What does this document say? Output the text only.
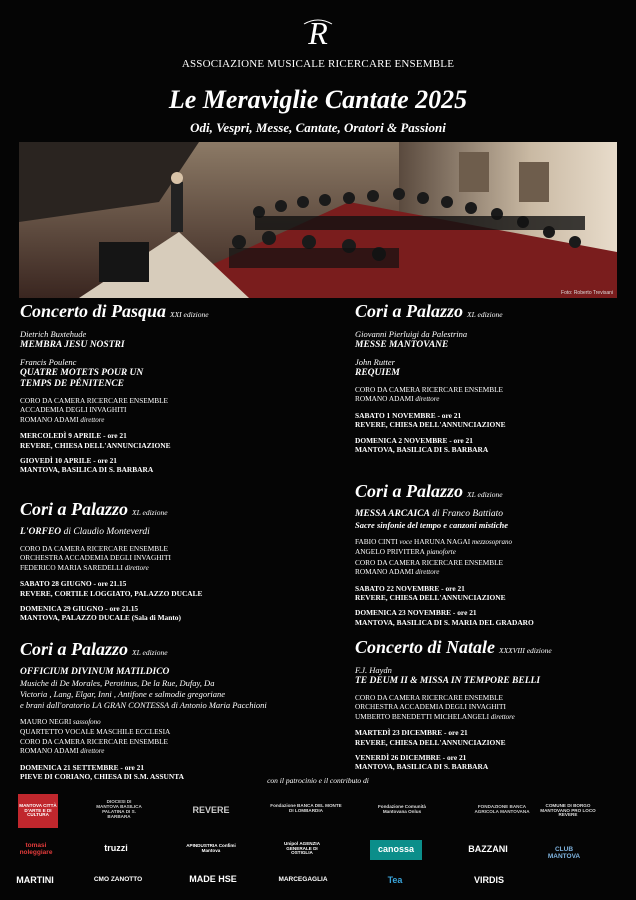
R
ASSOCIAZIONE MUSICALE RICERCARE ENSEMBLE
Le Meraviglie Cantate 2025
Odi, Vespri, Messe, Cantate, Oratori & Passioni
Foto: Roberto Trevisani
Concerto di Pasqua XXI edizione
Dietrich Buxtehude
MEMBRA JESU NOSTRI
Francis Poulenc
QUATRE MOTETS POUR UN
TEMPS DE PÉNITENCE
CORO DA CAMERA RICERCARE ENSEMBLE
ACCADEMIA DEGLI INVAGHITI
ROMANO ADAMI direttore
MERCOLEDÌ 9 APRILE - ore 21
REVERE, CHIESA DELL'ANNUNCIAZIONE
GIOVEDÌ 10 APRILE - ore 21
MANTOVA, BASILICA DI S. BARBARA
Cori a Palazzo XL edizione
L'ORFEO di Claudio Monteverdi
CORO DA CAMERA RICERCARE ENSEMBLE
ORCHESTRA ACCADEMIA DEGLI INVAGHITI
FEDERICO MARIA SAREDELLI direttore
SABATO 28 GIUGNO - ore 21.15
REVERE, CORTILE LOGGIATO, PALAZZO DUCALE
DOMENICA 29 GIUGNO - ore 21.15
MANTOVA, PALAZZO DUCALE (Sala di Manto)
Cori a Palazzo XL edizione
OFFICIUM DIVINUM MATILDICO
Musiche di De Morales, Perotinus, De la Rue, Dufay, Da
Victoria , Lang, Elgar, Inni , Antifone e salmodie gregoriane
e brani dall'oratorio LA GRAN CONTESSA di Antonio Maria Pacchioni
MAURO NEGRI sassofono
QUARTETTO VOCALE MASCHILE ECCLESIA
CORO DA CAMERA RICERCARE ENSEMBLE
ROMANO ADAMI direttore
DOMENICA 21 SETTEMBRE - ore 21
PIEVE DI CORIANO, CHIESA DI S.M. ASSUNTA
Cori a Palazzo XL edizione
Giovanni Pierluigi da Palestrina
MESSE MANTOVANE
John Rutter
REQUIEM
CORO DA CAMERA RICERCARE ENSEMBLE
ROMANO ADAMI direttore
SABATO 1 NOVEMBRE - ore 21
REVERE, CHIESA DELL'ANNUNCIAZIONE
DOMENICA 2 NOVEMBRE - ore 21
MANTOVA, BASILICA DI S. BARBARA
Cori a Palazzo XL edizione
MESSA ARCAICA di Franco Battiato
Sacre sinfonie del tempo e canzoni mistiche
FABIO CINTI voce HARUNA NAGAI mezzosoprano
ANGELO PRIVITERA pianoforte
CORO DA CAMERA RICERCARE ENSEMBLE
ROMANO ADAMI direttore
SABATO 22 NOVEMBRE - ore 21
REVERE, CHIESA DELL'ANNUNCIAZIONE
DOMENICA 23 NOVEMBRE - ore 21
MANTOVA, BASILICA DI S. MARIA DEL GRADARO
Concerto di Natale XXXVIII edizione
F.J. Haydn
TE DEUM II & MISSA IN TEMPORE BELLI
CORO DA CAMERA RICERCARE ENSEMBLE
ORCHESTRA ACCADEMIA DEGLI INVAGHITI
UMBERTO BENEDETTI MICHELANGELI direttore
MARTEDÌ 23 DICEMBRE - ore 21
REVERE, CHIESA DELL'ANNUNCIAZIONE
VENERDÌ 26 DICEMBRE - ore 21
MANTOVA, BASILICA DI S. BARBARA
con il patrocinio e il contributo di
MANTOVA CITTÀ D'ARTE E DI CULTURA
DIOCESI DI MANTOVA BASILICA PALATINA DI S. BARBARA
REVERE	Fondazione BANCA DEL MONTE DI LOMBARDIA
Fondazione Comunità Mantovana Onlus
FONDAZIONE BANCA AGRICOLA MANTOVANA
COMUNE DI BORGO MANTOVANO PRO LOCO REVERE
tomasi noleggiare	truzzi	APINDUSTRIA Confimi Mantova
Unipol AGENZIA GENERALE DI OSTIGLIA	canossa	BAZZANI	CLUB MANTOVA
MARTINI	CMO ZANOTTO	MADE HSE	MARCEGAGLIA	Tea	VIRDIS
